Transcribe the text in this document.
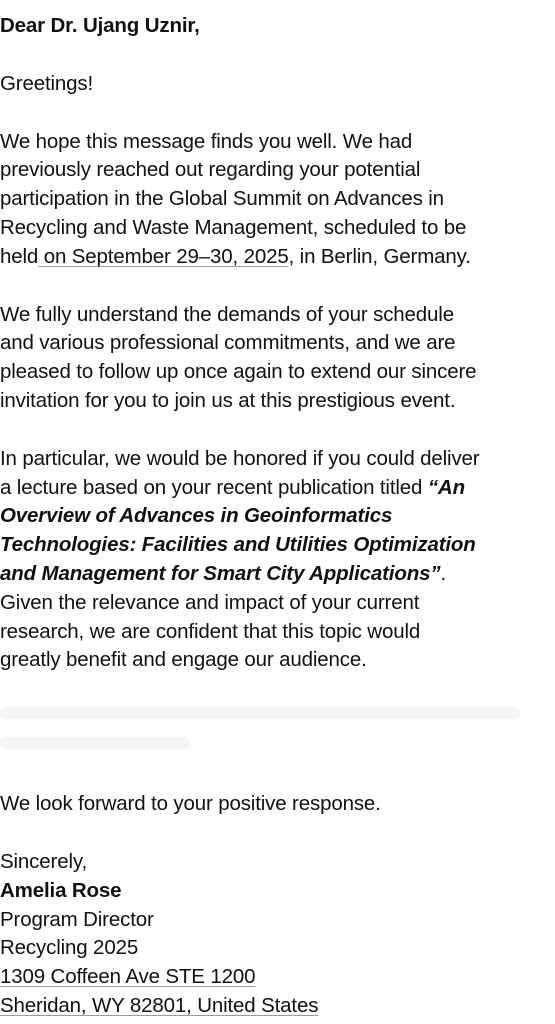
Dear Dr. Ujang Uznir,
Greetings!
We hope this message finds you well. We had
previously reached out regarding your potential
participation in the Global Summit on Advances in
Recycling and Waste Management, scheduled to be
held on September 29–30, 2025, in Berlin, Germany.
We fully understand the demands of your schedule
and various professional commitments, and we are
pleased to follow up once again to extend our sincere
invitation for you to join us at this prestigious event.
In particular, we would be honored if you could deliver
a lecture based on your recent publication titled “An
Overview of Advances in Geoinformatics
Technologies: Facilities and Utilities Optimization
and Management for Smart City Applications”.
Given the relevance and impact of your current
research, we are confident that this topic would
greatly benefit and engage our audience.
We look forward to your positive response.
Sincerely,
Amelia Rose
Program Director
Recycling 2025
1309 Coffeen Ave STE 1200
Sheridan, WY 82801, United States
